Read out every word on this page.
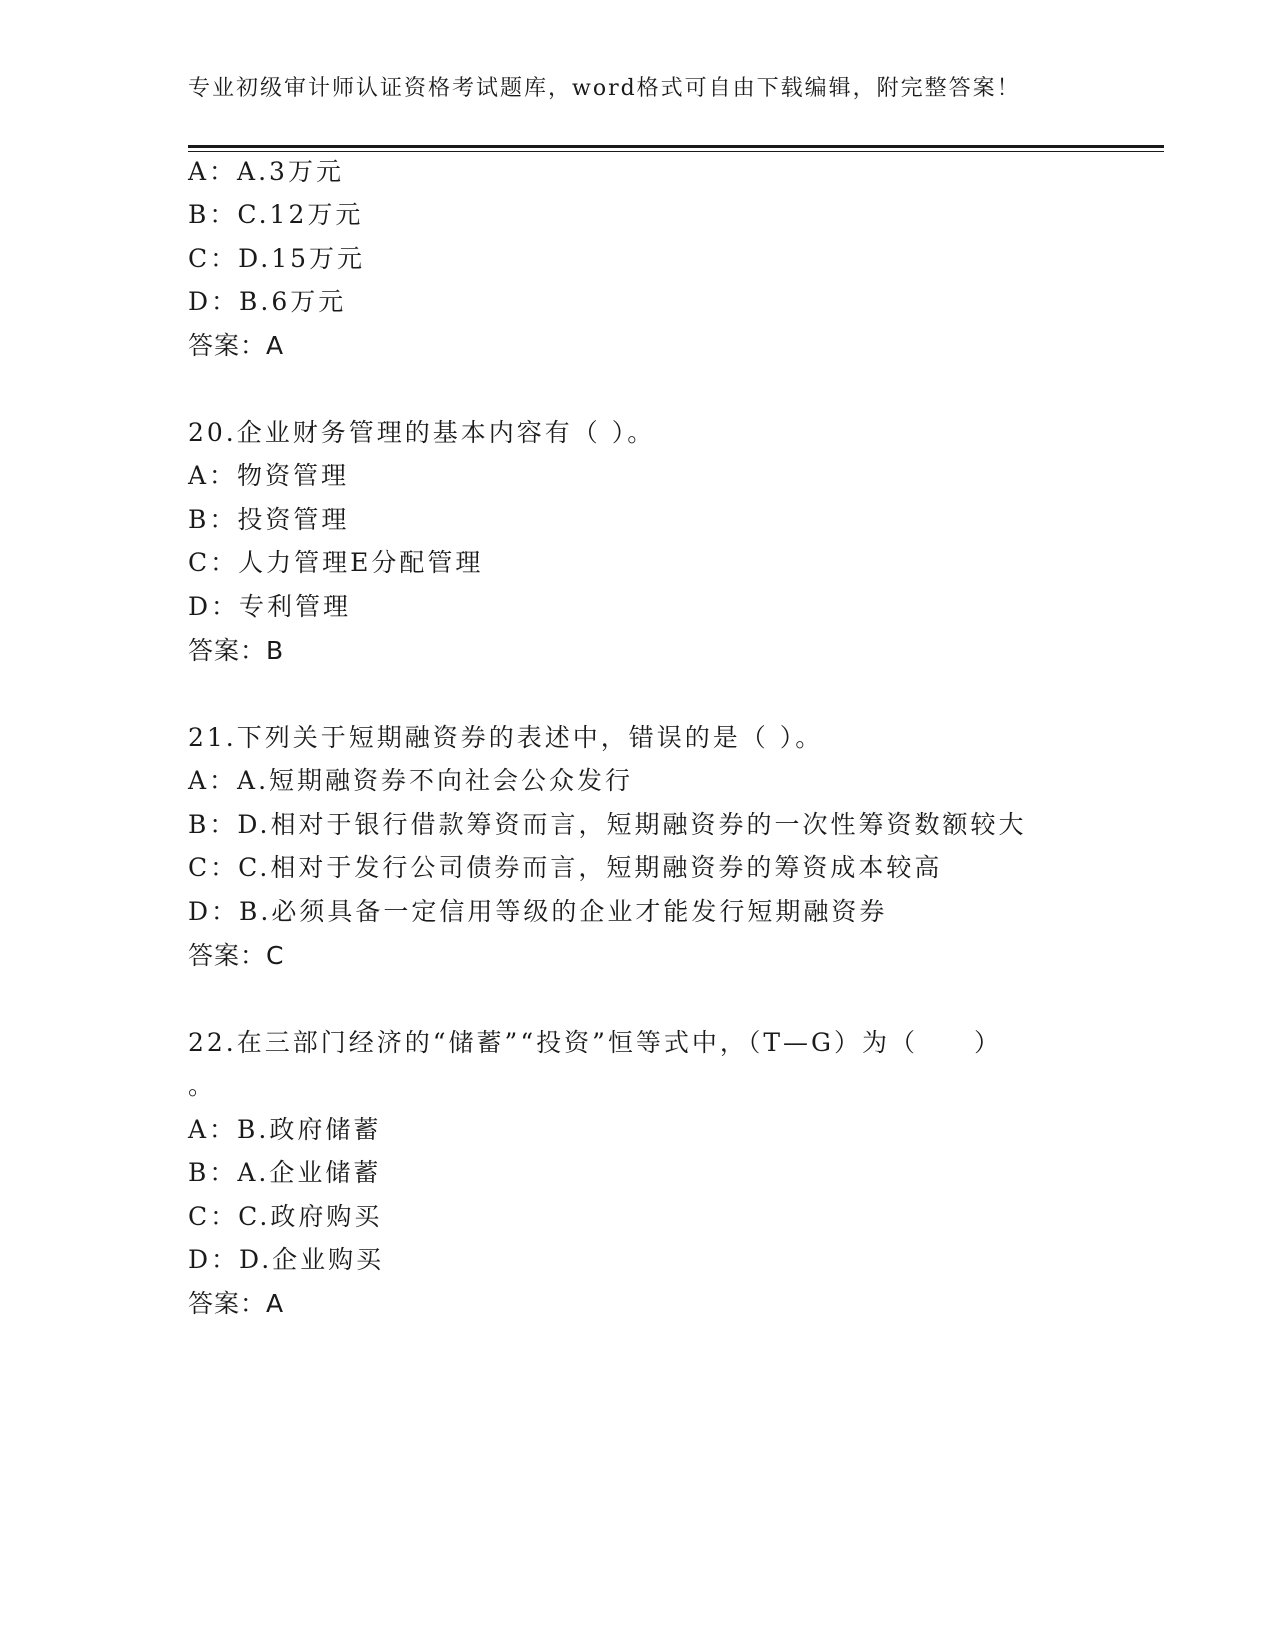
专业初级审计师认证资格考试题库，word格式可自由下载编辑，附完整答案！
A：A.3万元
B：C.12万元
C：D.15万元
D：B.6万元
答案：A
20.企业财务管理的基本内容有（ ）。
A：物资管理
B：投资管理
C：人力管理E分配管理
D：专利管理
答案：B
21.下列关于短期融资券的表述中，错误的是（ ）。
A：A.短期融资券不向社会公众发行
B：D.相对于银行借款筹资而言，短期融资券的一次性筹资数额较大
C：C.相对于发行公司债券而言，短期融资券的筹资成本较高
D：B.必须具备一定信用等级的企业才能发行短期融资券
答案：C
22.在三部门经济的“储蓄”“投资”恒等式中，（T—G）为（　　）
。
A：B.政府储蓄
B：A.企业储蓄
C：C.政府购买
D：D.企业购买
答案：A
